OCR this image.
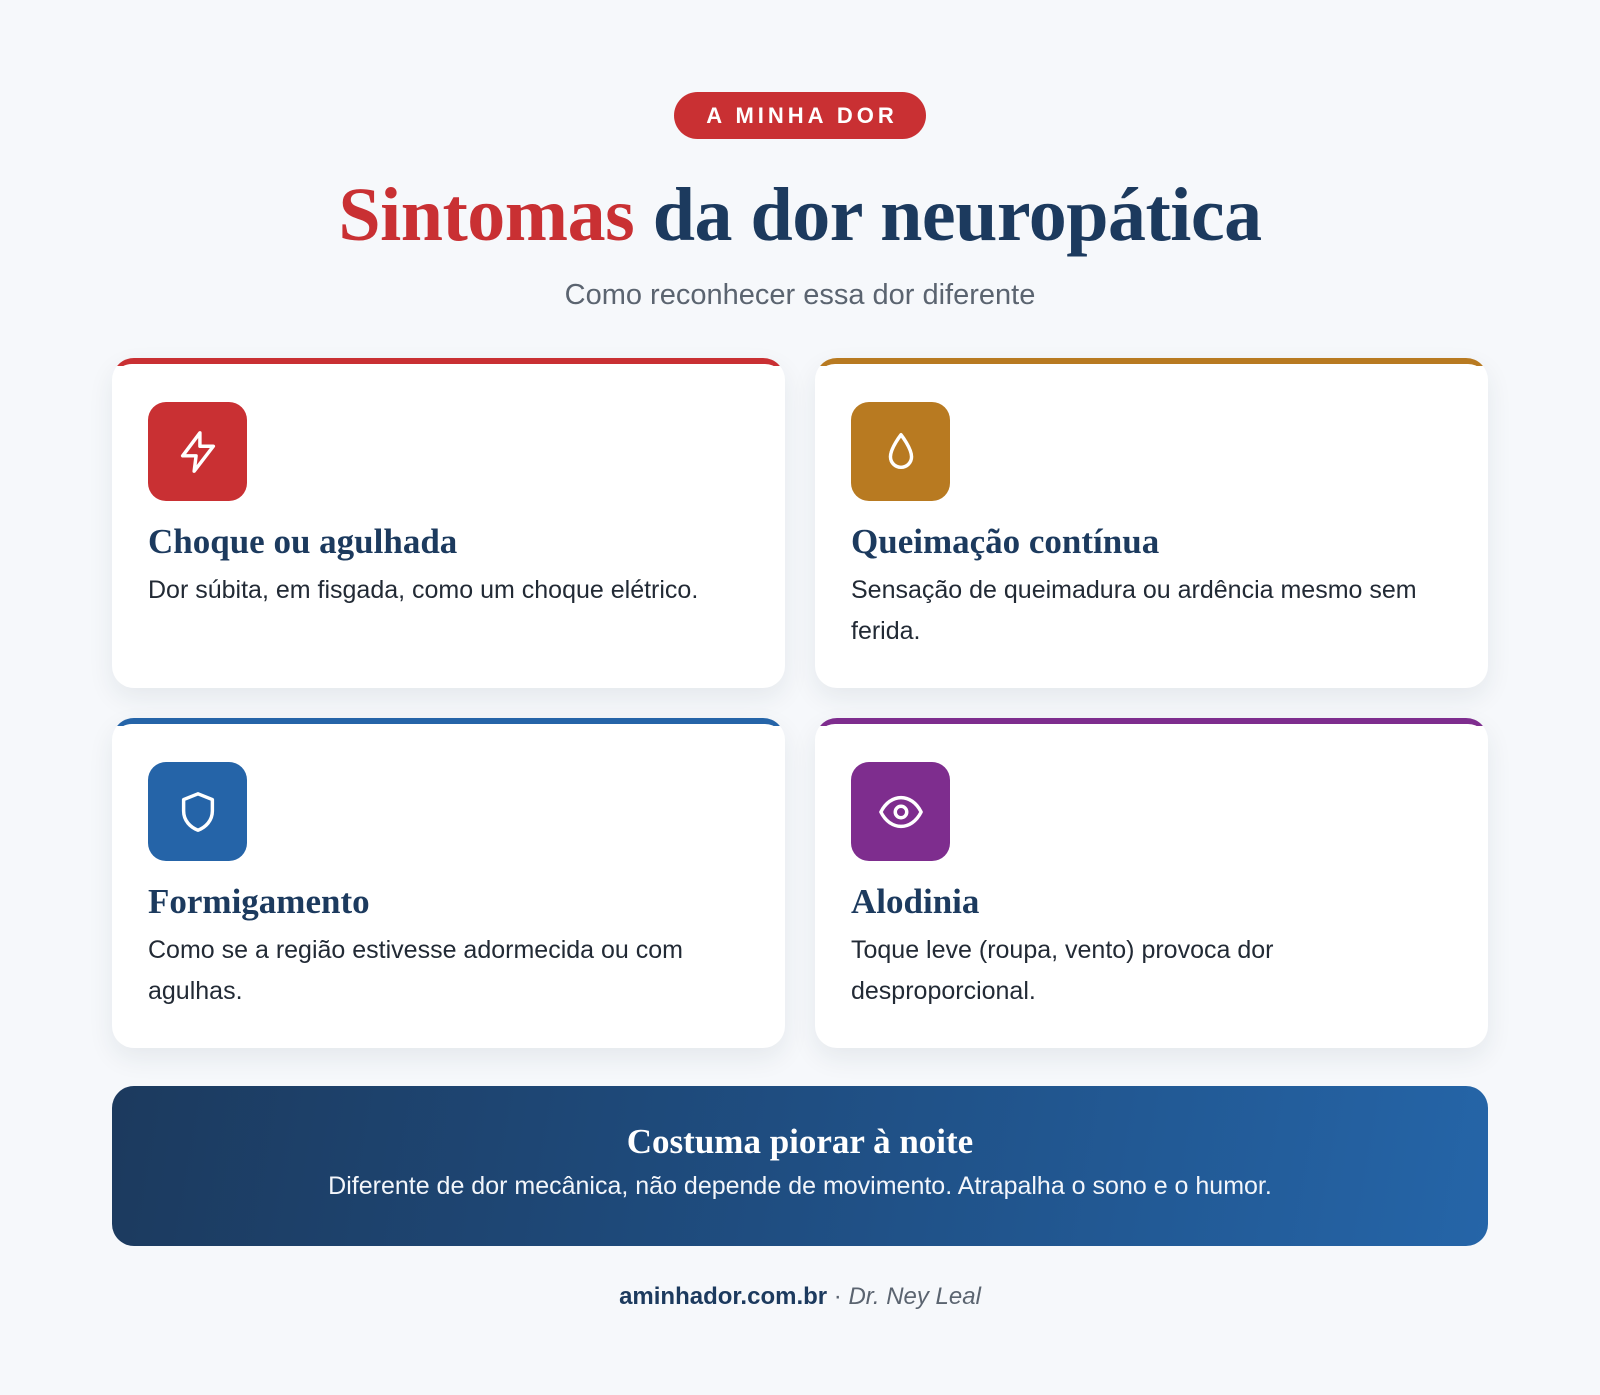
A MINHA DOR
Sintomas da dor neuropática

Como reconhecer essa dor diferente

Choque ou agulhada

Dor súbita, em fisgada, como um choque elétrico.

Queimação contínua

Sensação de queimadura ou ardência mesmo sem ferida.

Formigamento

Como se a região estivesse adormecida ou com agulhas.

Alodinia

Toque leve (roupa, vento) provoca dor desproporcional.

Costuma piorar à noite

Diferente de dor mecânica, não depende de movimento. Atrapalha o sono e o humor.

aminhador.com.br · Dr. Ney Leal
